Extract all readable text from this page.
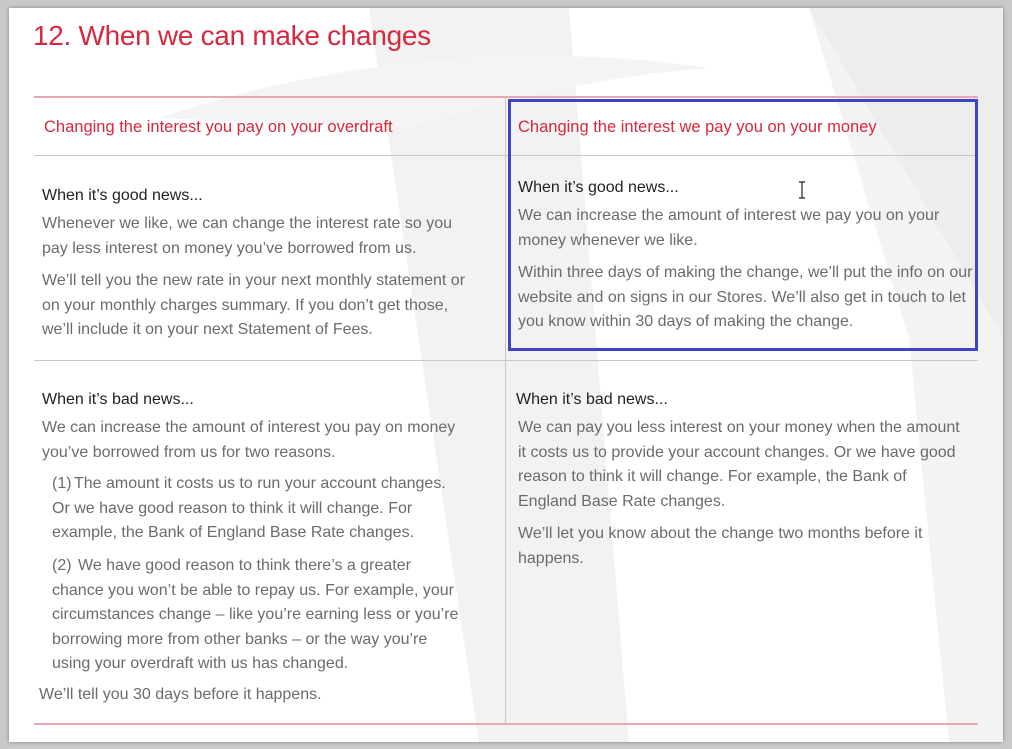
12. When we can make changes
Changing the interest you pay on your overdraft	Changing the interest we pay you on your money
When it’s good news...

Whenever we like, we can change the interest rate so you pay less interest on money you’ve borrowed from us.

We’ll tell you the new rate in your next monthly statement or on your monthly charges summary. If you don’t get those, we’ll include it on your next Statement of Fees.

When it’s good news...

We can increase the amount of interest we pay you on your money whenever we like.

Within three days of making the change, we’ll put the info on our website and on signs in our Stores. We’ll also get in touch to let you know within 30 days of making the change.

When it’s bad news...

We can increase the amount of interest you pay on money you’ve borrowed from us for two reasons.

(1) The amount it costs us to run your account changes. Or we have good reason to think it will change. For example, the Bank of England Base Rate changes.
(2) We have good reason to think there’s a greater chance you won’t be able to repay us. For example, your circumstances change – like you’re earning less or you’re borrowing more from other banks – or the way you’re using your overdraft with us has changed.

We’ll tell you 30 days before it happens.

When it’s bad news...

We can pay you less interest on your money when the amount it costs us to provide your account changes. Or we have good reason to think it will change. For example, the Bank of England Base Rate changes.

We’ll let you know about the change two months before it happens.
